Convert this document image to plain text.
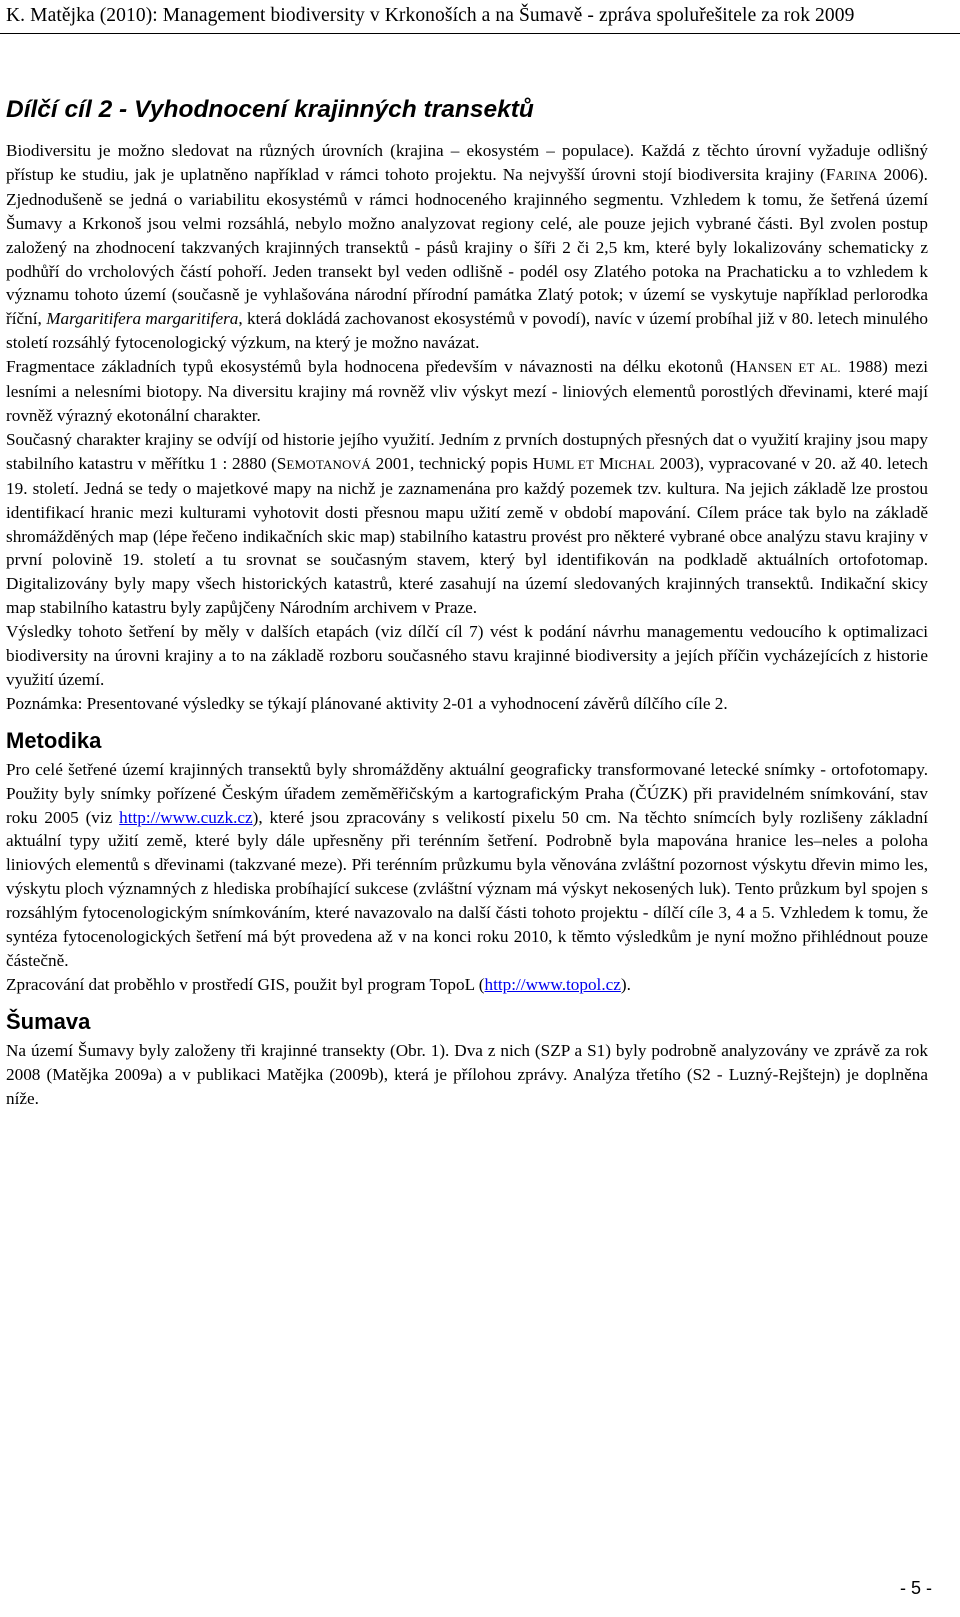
K. Matějka (2010): Management biodiversity v Krkonoších a na Šumavě - zpráva spoluřešitele za rok 2009
Dílčí cíl 2 - Vyhodnocení krajinných transektů

Biodiversitu je možno sledovat na různých úrovních (krajina – ekosystém – populace). Každá z těchto úrovní vyžaduje odlišný přístup ke studiu, jak je uplatněno například v rámci tohoto projektu. Na nejvyšší úrovni stojí biodiversita krajiny (FARINA 2006). Zjednodušeně se jedná o variabilitu ekosystémů v rámci hodnoceného krajinného segmentu. Vzhledem k tomu, že šetřená území Šumavy a Krkonoš jsou velmi rozsáhlá, nebylo možno analyzovat regiony celé, ale pouze jejich vybrané části. Byl zvolen postup založený na zhodnocení takzvaných krajinných transektů - pásů krajiny o šíři 2 či 2,5 km, které byly lokalizovány schematicky z podhůří do vrcholových částí pohoří. Jeden transekt byl veden odlišně - podél osy Zlatého potoka na Prachaticku a to vzhledem k významu tohoto území (současně je vyhlašována národní přírodní památka Zlatý potok; v území se vyskytuje například perlorodka říční, Margaritifera margaritifera, která dokládá zachovanost ekosystémů v povodí), navíc v území probíhal již v 80. letech minulého století rozsáhlý fytocenologický výzkum, na který je možno navázat.

Fragmentace základních typů ekosystémů byla hodnocena především v návaznosti na délku ekotonů (HANSEN ET AL. 1988) mezi lesními a nelesními biotopy. Na diversitu krajiny má rovněž vliv výskyt mezí - liniových elementů porostlých dřevinami, které mají rovněž výrazný ekotonální charakter.

Současný charakter krajiny se odvíjí od historie jejího využití. Jedním z prvních dostupných přesných dat o využití krajiny jsou mapy stabilního katastru v měřítku 1 : 2880 (SEMOTANOVÁ 2001, technický popis HUML ET MICHAL 2003), vypracované v 20. až 40. letech 19. století. Jedná se tedy o majetkové mapy na nichž je zaznamenána pro každý pozemek tzv. kultura. Na jejich základě lze prostou identifikací hranic mezi kulturami vyhotovit dosti přesnou mapu užití země v období mapování. Cílem práce tak bylo na základě shromážděných map (lépe řečeno indikačních skic map) stabilního katastru provést pro některé vybrané obce analýzu stavu krajiny v první polovině 19. století a tu srovnat se současným stavem, který byl identifikován na podkladě aktuálních ortofotomap. Digitalizovány byly mapy všech historických katastrů, které zasahují na území sledovaných krajinných transektů. Indikační skicy map stabilního katastru byly zapůjčeny Národním archivem v Praze.

Výsledky tohoto šetření by měly v dalších etapách (viz dílčí cíl 7) vést k podání návrhu managementu vedoucího k optimalizaci biodiversity na úrovni krajiny a to na základě rozboru současného stavu krajinné biodiversity a jejích příčin vycházejících z historie využití území.

Poznámka: Presentované výsledky se týkají plánované aktivity 2-01 a vyhodnocení závěrů dílčího cíle 2.

Metodika

Pro celé šetřené území krajinných transektů byly shromážděny aktuální geograficky transformované letecké snímky - ortofotomapy. Použity byly snímky pořízené Českým úřadem zeměměřičským a kartografickým Praha (ČÚZK) při pravidelném snímkování, stav roku 2005 (viz http://www.cuzk.cz), které jsou zpracovány s velikostí pixelu 50 cm. Na těchto snímcích byly rozlišeny základní aktuální typy užití země, které byly dále upřesněny při terénním šetření. Podrobně byla mapována hranice les–neles a poloha liniových elementů s dřevinami (takzvané meze). Při terénním průzkumu byla věnována zvláštní pozornost výskytu dřevin mimo les, výskytu ploch významných z hlediska probíhající sukcese (zvláštní význam má výskyt nekosených luk). Tento průzkum byl spojen s rozsáhlým fytocenologickým snímkováním, které navazovalo na další části tohoto projektu - dílčí cíle 3, 4 a 5. Vzhledem k tomu, že syntéza fytocenologických šetření má být provedena až v na konci roku 2010, k těmto výsledkům je nyní možno přihlédnout pouze částečně.

Zpracování dat proběhlo v prostředí GIS, použit byl program TopoL (http://www.topol.cz).

Šumava

Na území Šumavy byly založeny tři krajinné transekty (Obr. 1). Dva z nich (SZP a S1) byly podrobně analyzovány ve zprávě za rok 2008 (Matějka 2009a) a v publikaci Matějka (2009b), která je přílohou zprávy. Analýza třetího (S2 - Luzný-Rejštejn) je doplněna níže.

- 5 -
